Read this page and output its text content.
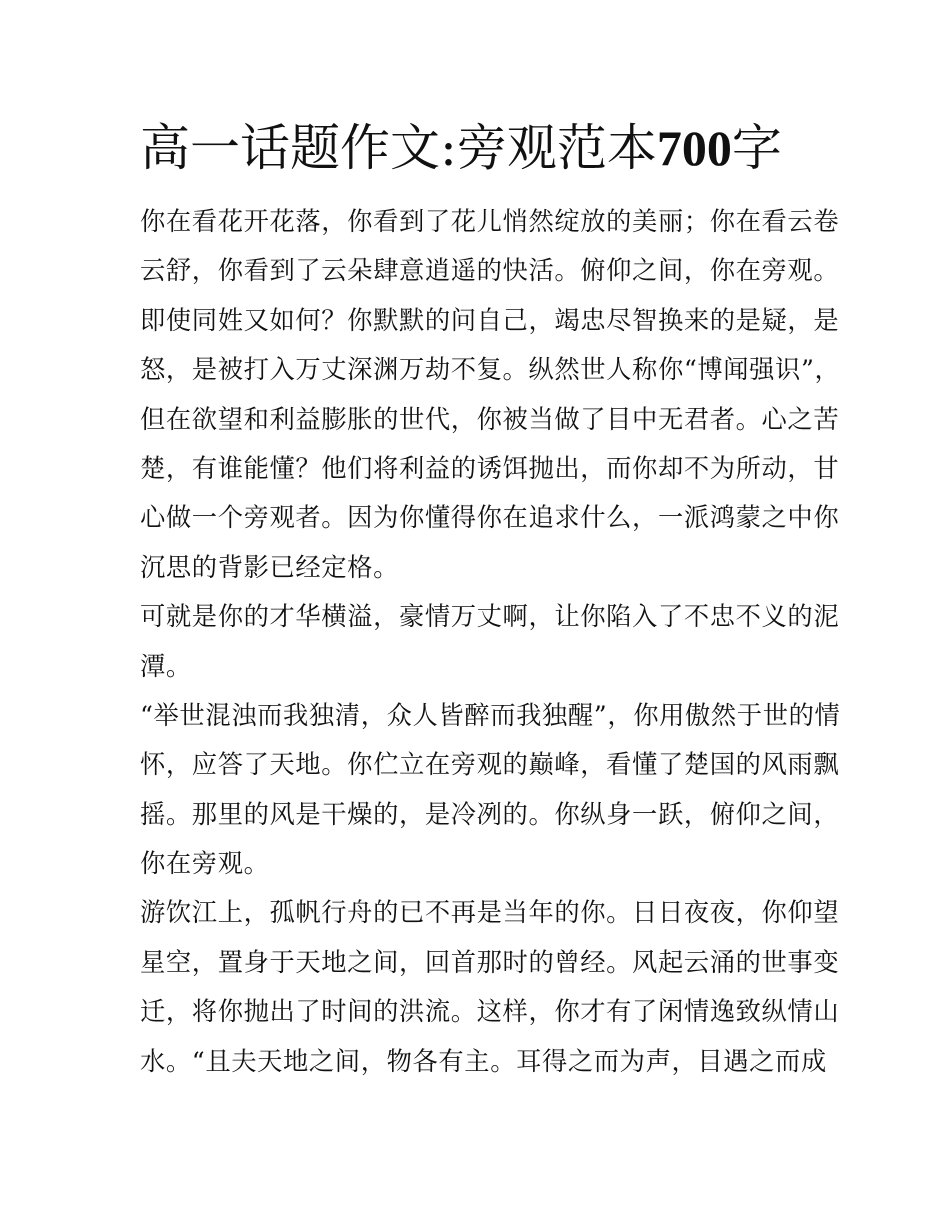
高一话题作文:旁观范本700字
你在看花开花落，你看到了花儿悄然绽放的美丽；你在看云卷
云舒，你看到了云朵肆意逍遥的快活。俯仰之间，你在旁观。
即使同姓又如何？你默默的问自己，竭忠尽智换来的是疑，是
怒，是被打入万丈深渊万劫不复。纵然世人称你“博闻强识”，
但在欲望和利益膨胀的世代，你被当做了目中无君者。心之苦
楚，有谁能懂？他们将利益的诱饵抛出，而你却不为所动，甘
心做一个旁观者。因为你懂得你在追求什么，一派鸿蒙之中你
沉思的背影已经定格。
可就是你的才华横溢，豪情万丈啊，让你陷入了不忠不义的泥
潭。
“举世混浊而我独清，众人皆醉而我独醒”，你用傲然于世的情
怀，应答了天地。你伫立在旁观的巅峰，看懂了楚国的风雨飘
摇。那里的风是干燥的，是冷冽的。你纵身一跃，俯仰之间，
你在旁观。
游饮江上，孤帆行舟的已不再是当年的你。日日夜夜，你仰望
星空，置身于天地之间，回首那时的曾经。风起云涌的世事变
迁，将你抛出了时间的洪流。这样，你才有了闲情逸致纵情山
水。“且夫天地之间，物各有主。耳得之而为声，目遇之而成
